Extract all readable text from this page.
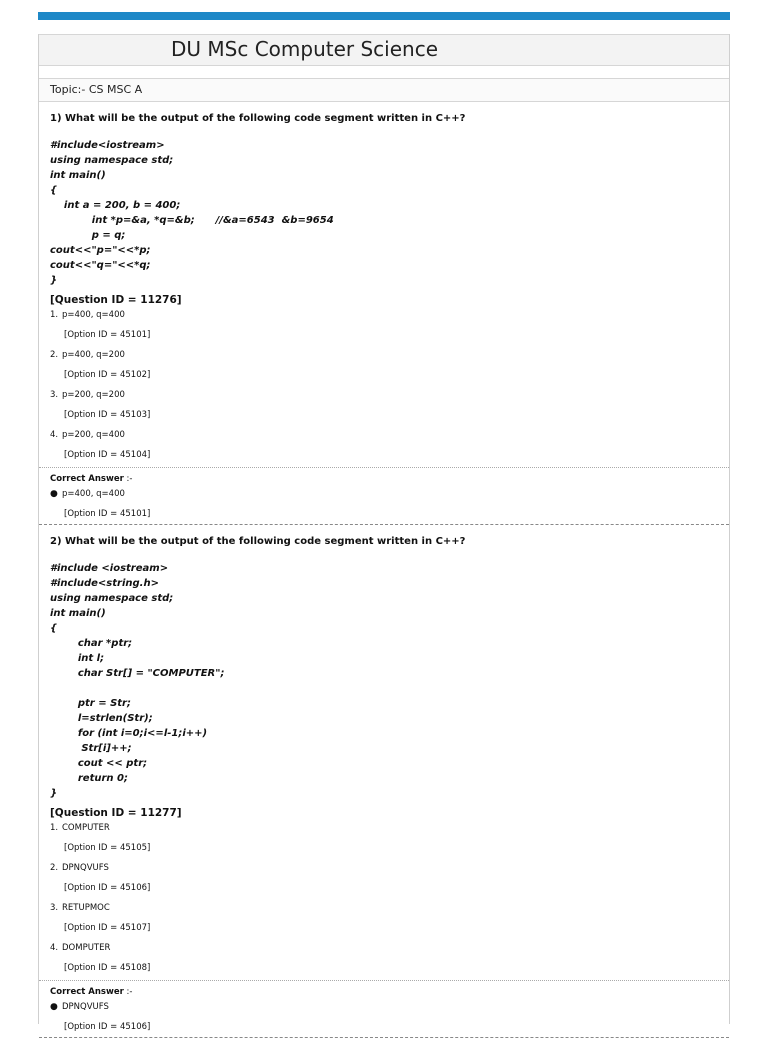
DU MSc Computer Science
Topic:- CS MSC A
1) What will be the output of the following code segment written in C++?
#include<iostream>
using namespace std;
int main()
{
int a = 200, b = 400;
int *p=&a, *q=&b;      //&a=6543  &b=9654
p = q;
cout<<"p="<<*p;
cout<<"q="<<*q;
}
[Question ID = 11276]
1. p=400, q=400
[Option ID = 45101]
2. p=400, q=200
[Option ID = 45102]
3. p=200, q=200
[Option ID = 45103]
4. p=200, q=400
[Option ID = 45104]
Correct Answer :-
● p=400, q=400
[Option ID = 45101]
2) What will be the output of the following code segment written in C++?
#include <iostream>
#include<string.h>
using namespace std;
int main()
{
char *ptr;
int l;
char Str[] = "COMPUTER";

ptr = Str;
l=strlen(Str);
for (int i=0;i<=l-1;i++)
Str[i]++;
cout << ptr;
return 0;
}
[Question ID = 11277]
1. COMPUTER
[Option ID = 45105]
2. DPNQVUFS
[Option ID = 45106]
3. RETUPMOC
[Option ID = 45107]
4. DOMPUTER
[Option ID = 45108]
Correct Answer :-
● DPNQVUFS
[Option ID = 45106]
